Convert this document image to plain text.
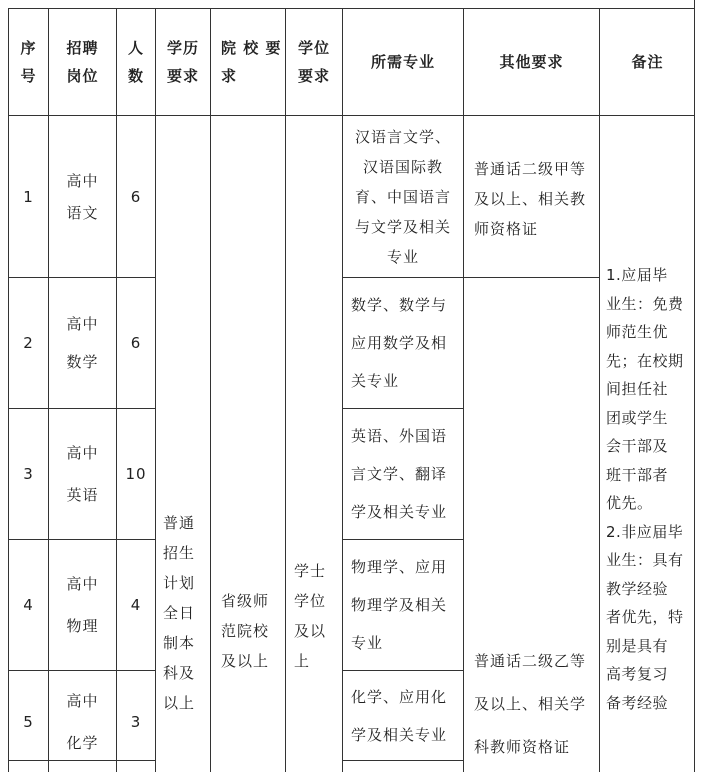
序
号
招聘
岗位
人
数
学历
要求
院 校 要
求
学位
要求
所需专业	其他要求	备注
1
高中
语文
6
汉语言文学、
汉语国际教
育、中国语言
与文学及相关
专业
2
高中
数学
6
数学、数学与
应用数学及相
关专业
3
高中
英语
10
英语、外国语
言文学、翻译
学及相关专业
4
高中
物理
4
物理学、应用
物理学及相关
专业
5
高中
化学
3
化学、应用化
学及相关专业
普通
招生
计划
全日
制本
科及
以上
省级师
范院校
及以上
学士
学位
及以
上
普通话二级甲等
及以上、相关教
师资格证
普通话二级乙等
及以上、相关学
科教师资格证
1.应届毕
业生：免费
师范生优
先；在校期
间担任社
团或学生
会干部及
班干部者
优先。
2.非应届毕
业生：具有
教学经验
者优先，特
别是具有
高考复习
备考经验
